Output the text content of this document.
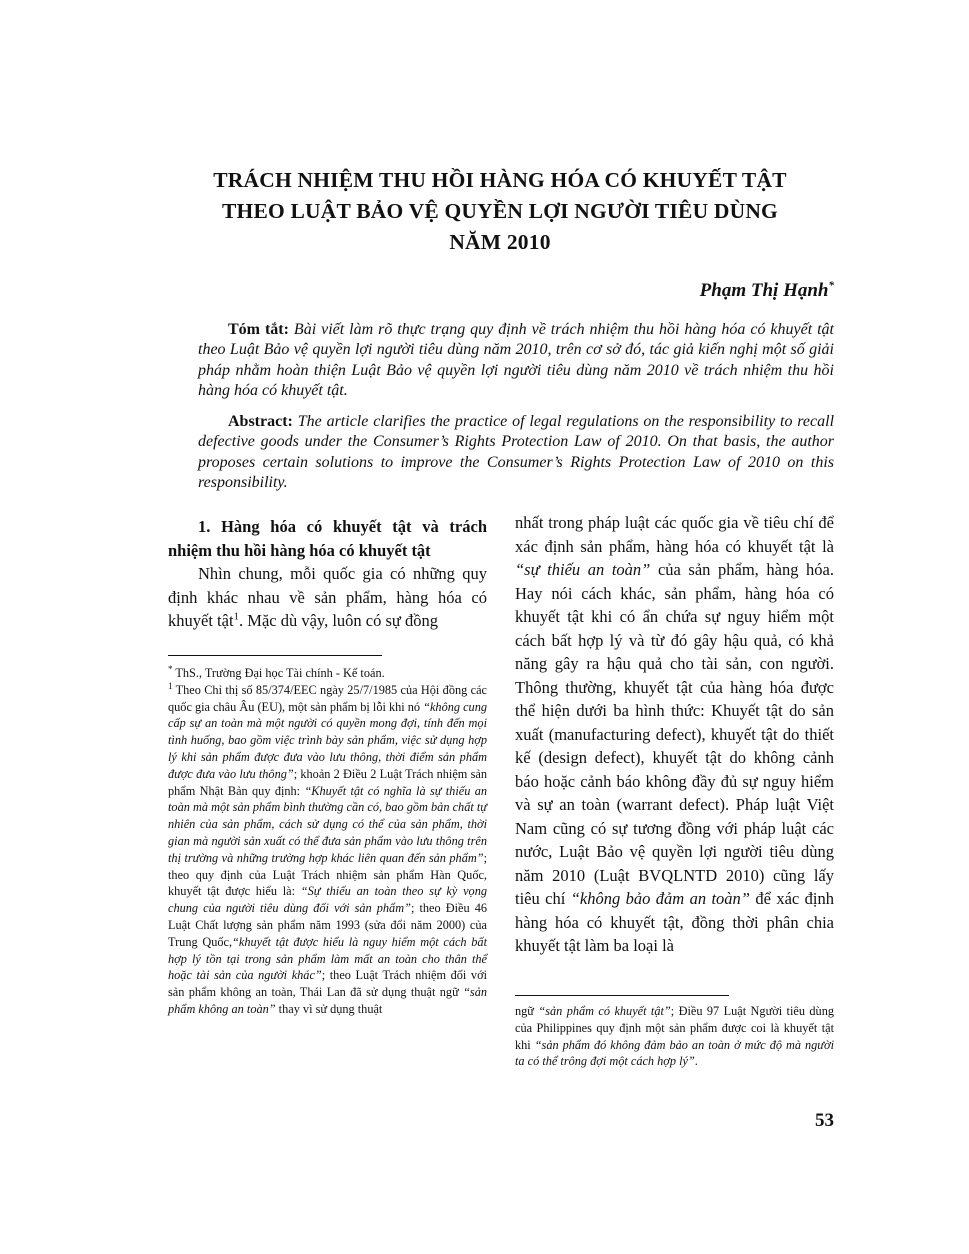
TRÁCH NHIỆM THU HỒI HÀNG HÓA CÓ KHUYẾT TẬT
THEO LUẬT BẢO VỆ QUYỀN LỢI NGƯỜI TIÊU DÙNG
NĂM 2010
Phạm Thị Hạnh*
Tóm tắt: Bài viết làm rõ thực trạng quy định về trách nhiệm thu hồi hàng hóa có khuyết tật theo Luật Bảo vệ quyền lợi người tiêu dùng năm 2010, trên cơ sở đó, tác giả kiến nghị một số giải pháp nhằm hoàn thiện Luật Bảo vệ quyền lợi người tiêu dùng năm 2010 về trách nhiệm thu hồi hàng hóa có khuyết tật.
Abstract: The article clarifies the practice of legal regulations on the responsibility to recall defective goods under the Consumer’s Rights Protection Law of 2010. On that basis, the author proposes certain solutions to improve the Consumer’s Rights Protection Law of 2010 on this responsibility.

1. Hàng hóa có khuyết tật và trách nhiệm thu hồi hàng hóa có khuyết tật

Nhìn chung, mỗi quốc gia có những quy định khác nhau về sản phẩm, hàng hóa có khuyết tật$^1$. Mặc dù vậy, luôn có sự đồng

* ThS., Trường Đại học Tài chính - Kế toán.
$^1$ Theo Chỉ thị số 85/374/EEC ngày 25/7/1985 của Hội đồng các quốc gia châu Âu (EU), một sản phẩm bị lỗi khi nó “không cung cấp sự an toàn mà một người có quyền mong đợi, tính đến mọi tình huống, bao gồm việc trình bày sản phẩm, việc sử dụng hợp lý khi sản phẩm được đưa vào lưu thông, thời điểm sản phẩm được đưa vào lưu thông”; khoản 2 Điều 2 Luật Trách nhiệm sản phẩm Nhật Bản quy định: “Khuyết tật có nghĩa là sự thiếu an toàn mà một sản phẩm bình thường cần có, bao gồm bản chất tự nhiên của sản phẩm, cách sử dụng có thể của sản phẩm, thời gian mà người sản xuất có thể đưa sản phẩm vào lưu thông trên thị trường và những trường hợp khác liên quan đến sản phẩm”; theo quy định của Luật Trách nhiệm sản phẩm Hàn Quốc, khuyết tật được hiểu là: “Sự thiếu an toàn theo sự kỳ vọng chung của người tiêu dùng đối với sản phẩm”; theo Điều 46 Luật Chất lượng sản phẩm năm 1993 (sửa đổi năm 2000) của Trung Quốc,“khuyết tật được hiểu là nguy hiểm một cách bất hợp lý tồn tại trong sản phẩm làm mất an toàn cho thân thể hoặc tài sản của người khác”; theo Luật Trách nhiệm đối với sản phẩm không an toàn, Thái Lan đã sử dụng thuật ngữ “sản phẩm không an toàn” thay vì sử dụng thuật

nhất trong pháp luật các quốc gia về tiêu chí để xác định sản phẩm, hàng hóa có khuyết tật là “sự thiếu an toàn” của sản phẩm, hàng hóa. Hay nói cách khác, sản phẩm, hàng hóa có khuyết tật khi có ẩn chứa sự nguy hiểm một cách bất hợp lý và từ đó gây hậu quả, có khả năng gây ra hậu quả cho tài sản, con người. Thông thường, khuyết tật của hàng hóa được thể hiện dưới ba hình thức: Khuyết tật do sản xuất (manufacturing defect), khuyết tật do thiết kế (design defect), khuyết tật do không cảnh báo hoặc cảnh báo không đầy đủ sự nguy hiểm và sự an toàn (warrant defect). Pháp luật Việt Nam cũng có sự tương đồng với pháp luật các nước, Luật Bảo vệ quyền lợi người tiêu dùng năm 2010 (Luật BVQLNTD 2010) cũng lấy tiêu chí “không bảo đảm an toàn” để xác định hàng hóa có khuyết tật, đồng thời phân chia khuyết tật làm ba loại là

ngữ “sản phẩm có khuyết tật”; Điều 97 Luật Người tiêu dùng của Philippines quy định một sản phẩm được coi là khuyết tật khi “sản phẩm đó không đảm bảo an toàn ở mức độ mà người ta có thể trông đợi một cách hợp lý”.
53
